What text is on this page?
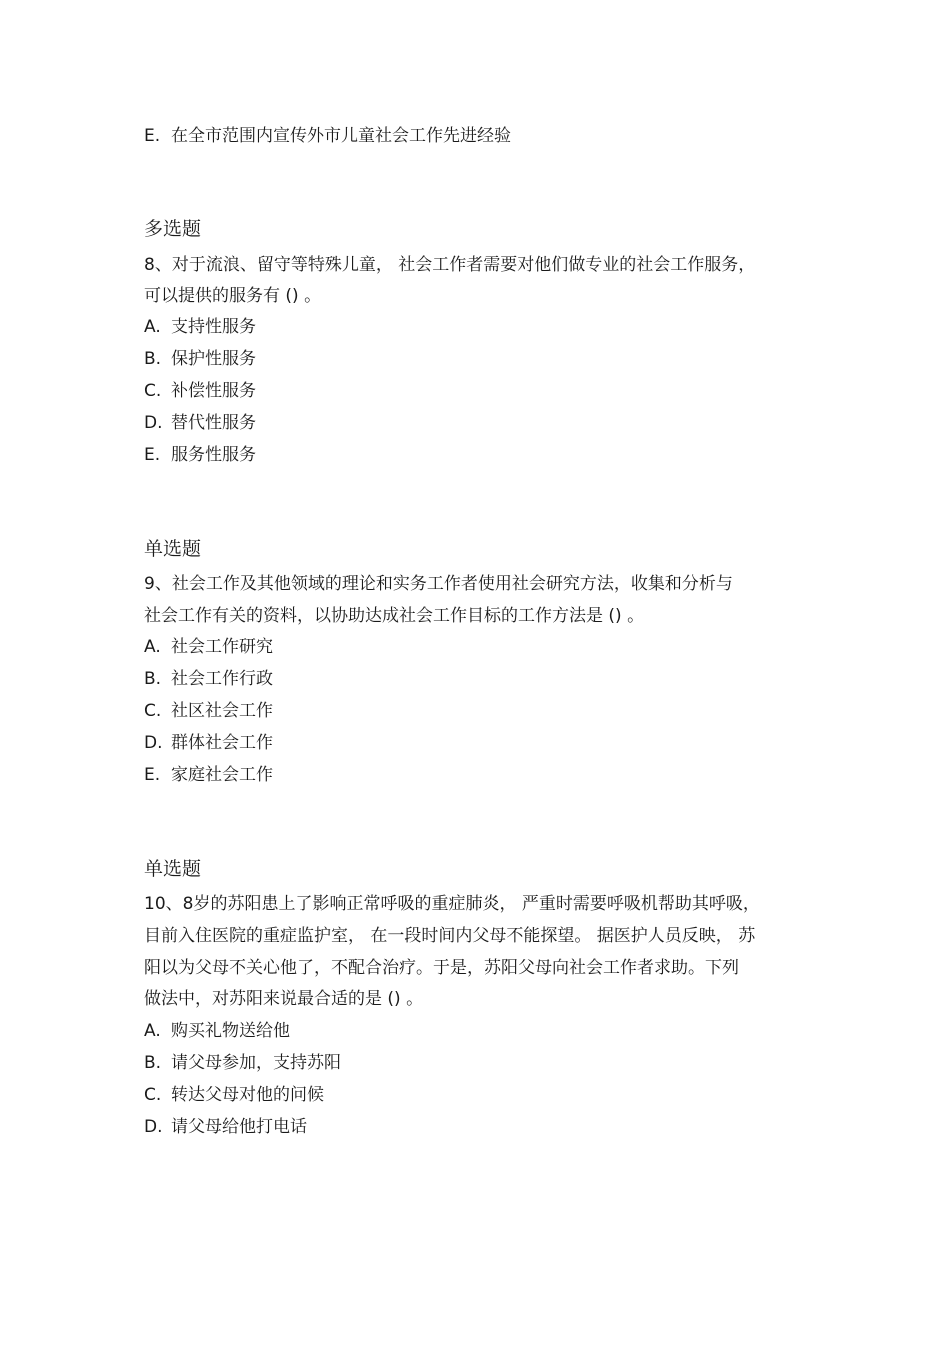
E. 在全市范围内宣传外市儿童社会工作先进经验
多选题
8、对于流浪、留守等特殊儿童， 社会工作者需要对他们做专业的社会工作服务，
可以提供的服务有 () 。
A. 支持性服务
B. 保护性服务
C. 补偿性服务
D. 替代性服务
E. 服务性服务
单选题
9、社会工作及其他领域的理论和实务工作者使用社会研究方法，收集和分析与
社会工作有关的资料，以协助达成社会工作目标的工作方法是 () 。
A. 社会工作研究
B. 社会工作行政
C. 社区社会工作
D. 群体社会工作
E. 家庭社会工作
单选题
10、8岁的苏阳患上了影响正常呼吸的重症肺炎， 严重时需要呼吸机帮助其呼吸，
目前入住医院的重症监护室， 在一段时间内父母不能探望。 据医护人员反映， 苏
阳以为父母不关心他了，不配合治疗。于是，苏阳父母向社会工作者求助。下列
做法中，对苏阳来说最合适的是 () 。
A. 购买礼物送给他
B. 请父母参加，支持苏阳
C. 转达父母对他的问候
D. 请父母给他打电话
